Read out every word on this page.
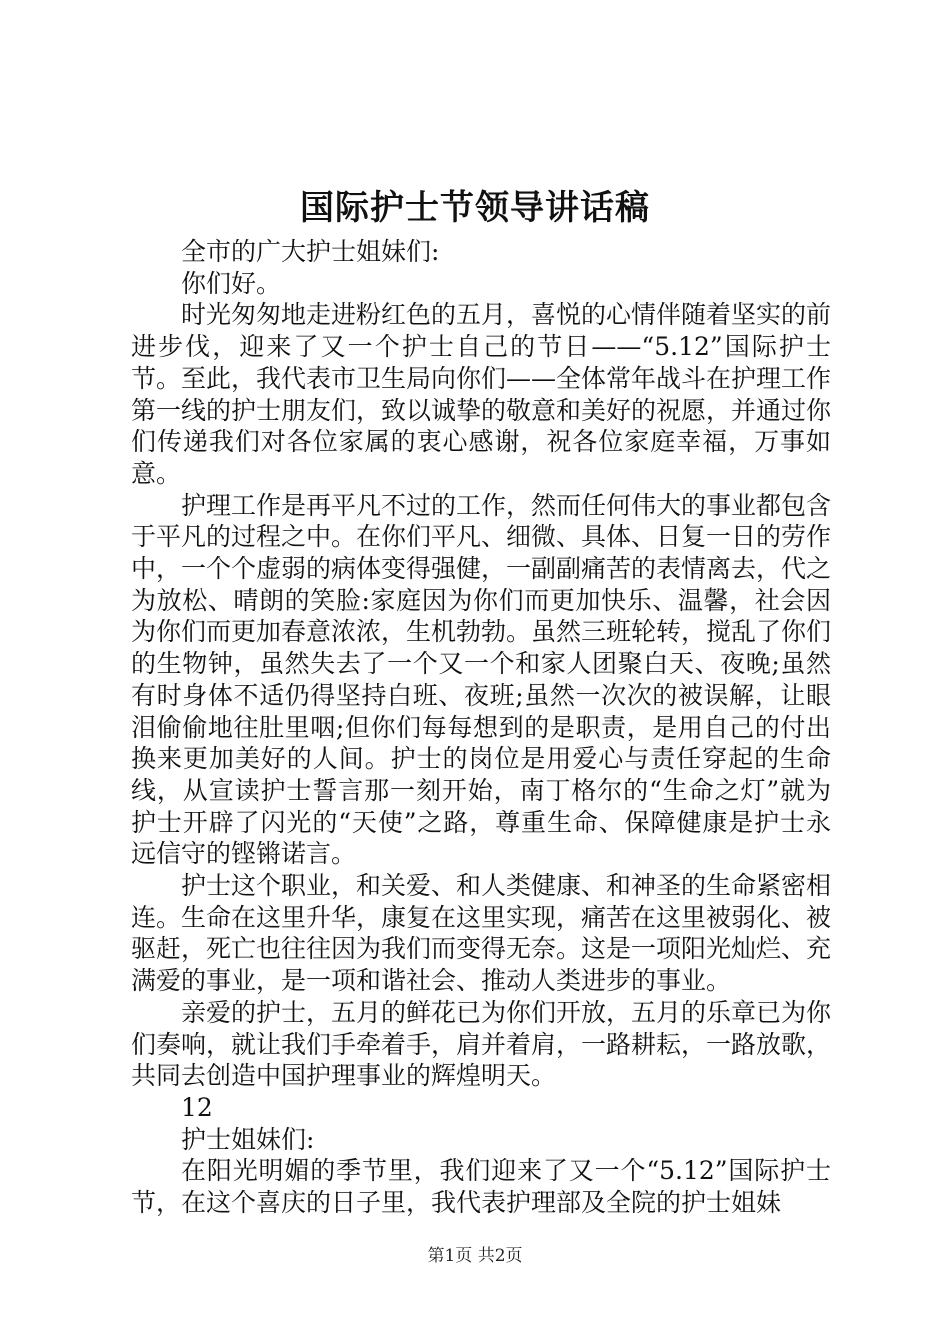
国际护士节领导讲话稿

全市的广大护士姐妹们:

你们好。

时光匆匆地走进粉红色的五月，喜悦的心情伴随着坚实的前进步伐，迎来了又一个护士自己的节日——“5.12”国际护士节。至此，我代表市卫生局向你们——全体常年战斗在护理工作第一线的护士朋友们，致以诚挚的敬意和美好的祝愿，并通过你们传递我们对各位家属的衷心感谢，祝各位家庭幸福，万事如意。

护理工作是再平凡不过的工作，然而任何伟大的事业都包含于平凡的过程之中。在你们平凡、细微、具体、日复一日的劳作中，一个个虚弱的病体变得强健，一副副痛苦的表情离去，代之为放松、晴朗的笑脸:家庭因为你们而更加快乐、温馨，社会因为你们而更加春意浓浓，生机勃勃。虽然三班轮转，搅乱了你们的生物钟，虽然失去了一个又一个和家人团聚白天、夜晚;虽然有时身体不适仍得坚持白班、夜班;虽然一次次的被误解，让眼泪偷偷地往肚里咽;但你们每每想到的是职责，是用自己的付出换来更加美好的人间。护士的岗位是用爱心与责任穿起的生命线，从宣读护士誓言那一刻开始，南丁格尔的“生命之灯”就为护士开辟了闪光的“天使”之路，尊重生命、保障健康是护士永远信守的铿锵诺言。

护士这个职业，和关爱、和人类健康、和神圣的生命紧密相连。生命在这里升华，康复在这里实现，痛苦在这里被弱化、被驱赶，死亡也往往因为我们而变得无奈。这是一项阳光灿烂、充满爱的事业，是一项和谐社会、推动人类进步的事业。

亲爱的护士，五月的鲜花已为你们开放，五月的乐章已为你们奏响，就让我们手牵着手，肩并着肩，一路耕耘，一路放歌，共同去创造中国护理事业的辉煌明天。

12

护士姐妹们:

在阳光明媚的季节里，我们迎来了又一个“5.12”国际护士节，在这个喜庆的日子里，我代表护理部及全院的护士姐妹

第1页 共2页
